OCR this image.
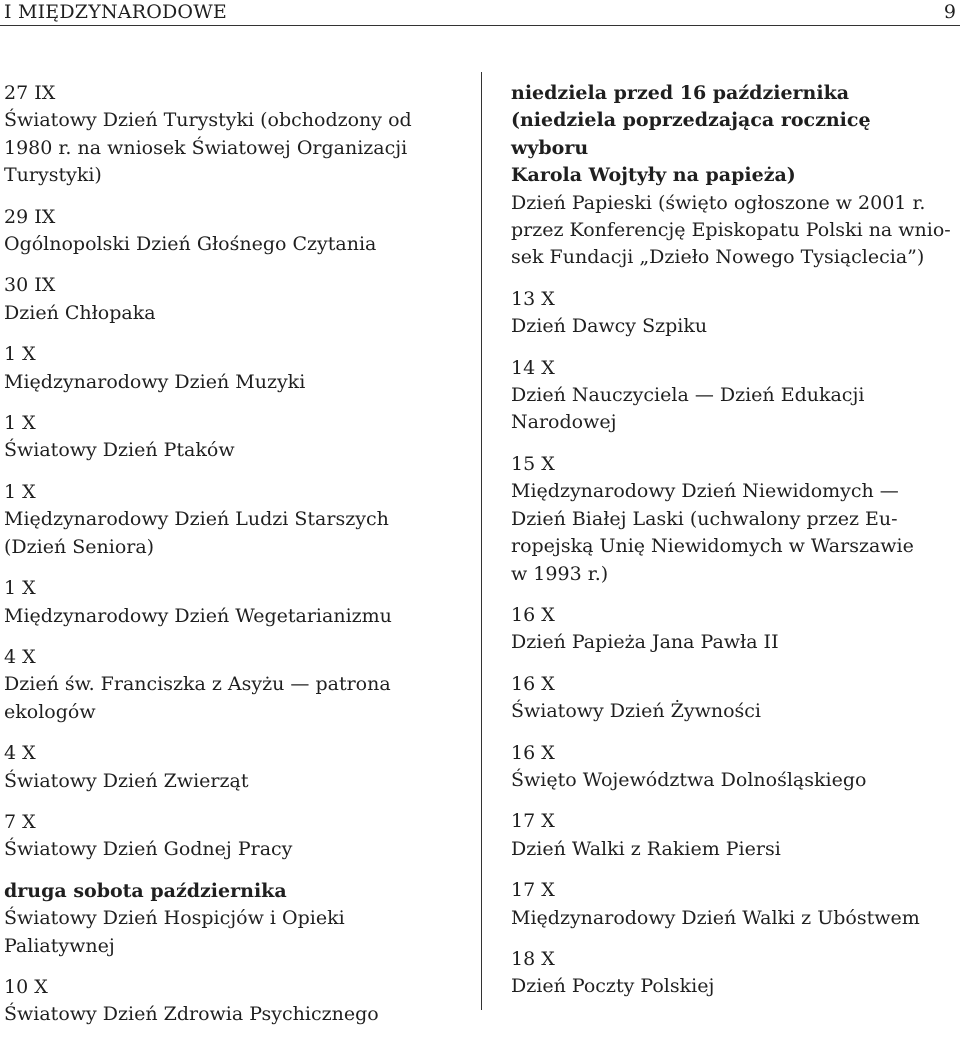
I MIĘDZYNARODOWE	9
27 IX
Światowy Dzień Turystyki (obchodzony od
1980 r. na wniosek Światowej Organizacji
Turystyki)
29 IX
Ogólnopolski Dzień Głośnego Czytania
30 IX
Dzień Chłopaka
1 X
Międzynarodowy Dzień Muzyki
1 X
Światowy Dzień Ptaków
1 X
Międzynarodowy Dzień Ludzi Starszych
(Dzień Seniora)
1 X
Międzynarodowy Dzień Wegetarianizmu
4 X
Dzień św. Franciszka z Asyżu — patrona
ekologów
4 X
Światowy Dzień Zwierząt
7 X
Światowy Dzień Godnej Pracy
druga sobota października
Światowy Dzień Hospicjów i Opieki
Paliatywnej
10 X
Światowy Dzień Zdrowia Psychicznego
niedziela przed 16 października
(niedziela poprzedzająca rocznicę wyboru
Karola Wojtyły na papieża)
Dzień Papieski (święto ogłoszone w 2001 r.
przez Konferencję Episkopatu Polski na wnio-
sek Fundacji „Dzieło Nowego Tysiąclecia”)
13 X
Dzień Dawcy Szpiku
14 X
Dzień Nauczyciela — Dzień Edukacji
Narodowej
15 X
Międzynarodowy Dzień Niewidomych —
Dzień Białej Laski (uchwalony przez Eu-
ropejską Unię Niewidomych w Warszawie
w 1993 r.)
16 X
Dzień Papieża Jana Pawła II
16 X
Światowy Dzień Żywności
16 X
Święto Województwa Dolnośląskiego
17 X
Dzień Walki z Rakiem Piersi
17 X
Międzynarodowy Dzień Walki z Ubóstwem
18 X
Dzień Poczty Polskiej
